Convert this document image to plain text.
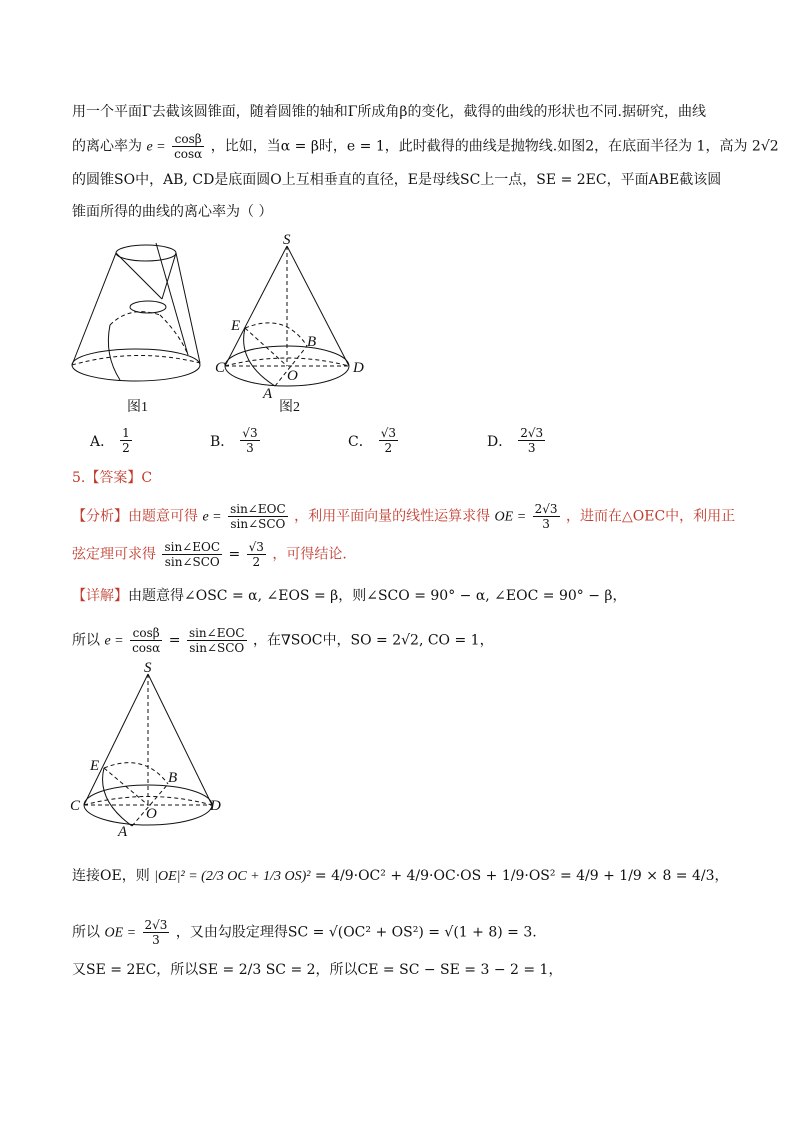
用一个平面Γ去截该圆锥面，随着圆锥的轴和Γ所成角β的变化，截得的曲线的形状也不同.据研究，曲线
的离心率为 $e = \frac{\cos\beta}{\cos\alpha}$ ，比如，当α = β时，e = 1，此时截得的曲线是抛物线.如图2，在底面半径为 1，高为 2√2
的圆锥SO中，AB, CD是底面圆O上互相垂直的直径，E是母线SC上一点，SE = 2EC，平面ABE截该圆
锥面所得的曲线的离心率为（ ）
图1
S
E
B
C	O	D
A
图2
A． $\frac{1}{2}$	B． $\frac{√3}{3}$	C． $\frac{√3}{2}$	D． $\frac{2√3}{3}$
5.【答案】C
【分析】由题意可得 $e = \frac{\text{sin∠EOC}}{\text{sin∠SCO}}$ ，利用平面向量的线性运算求得 OE = $\frac{2√3}{3}$ ，进而在△OEC中，利用正
弦定理可求得 $\frac{\text{sin∠EOC}}{\text{sin∠SCO}} = \frac{√3}{2}$ ，可得结论.
【详解】由题意得∠OSC = α, ∠EOS = β，则∠SCO = 90° − α, ∠EOC = 90° − β，
所以 $e = \frac{\cos\beta}{\cos\alpha} = \frac{\text{sin∠EOC}}{\text{sin∠SCO}}$ ，在∇SOC中，SO = 2√2, CO = 1，
S
E
B
C	O	D
A
连接OE，则 |OE|² = (2/3 OC + 1/3 OS)² = 4/9·OC² + 4/9·OC·OS + 1/9·OS² = 4/9 + 1/9 × 8 = 4/3，
所以 OE = $\frac{2√3}{3}$ ，又由勾股定理得SC = √(OC² + OS²) = √(1 + 8) = 3.
又SE = 2EC，所以SE = 2/3 SC = 2，所以CE = SC − SE = 3 − 2 = 1，
